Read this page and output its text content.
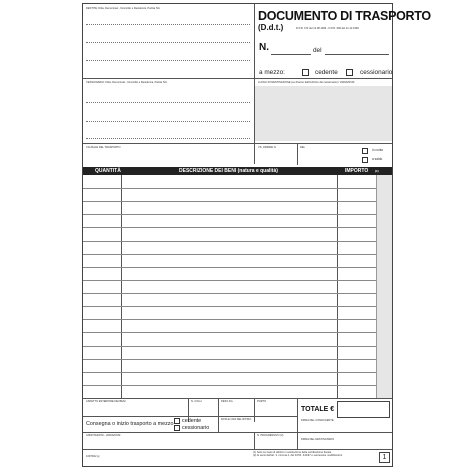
DESTITE: Ditta, Denominaz., Domicilio e Residenza, Partita IVA
DOCUMENTO DI TRASPORTO
(D.d.t.)	D.P.R. 472 del 14.08.1996 - D.P.R. 696 del 21.12.1996
N.	del
a mezzo:	cedente	cessionario
CESSIONARIO: Ditta, Denominaz., Domicilio e Residenza, Partita IVA	LUOGO DI DESTINAZIONE (se diverso dall'indirizzo del cessionario) / VARIAZIONI
CAUSALE DEL TRASPORTO	VS. ORDINE N.	DEL
in conto
a saldo
QUANTITÀ	DESCRIZIONE DEI BENI (natura e qualità)	IMPORTO (1)
ASPETTO ESTERIORE DEI BENI	N. COLLI	PESO KG.	PORTO
TOTALE €
Consegna o inizio trasporto a mezzo cedente
cessionario
DATA E ORA DEL RITIRO	FIRMA DEL CONDUCENTE
ANNOTAZIONI - VARIAZIONI	N. PROGRESSIVO (2)
FIRMA DEL DESTINATARIO
1607D22 gi
(1) Solo nel caso di utilizzo in sostituzione della certificazione fiscale.
(2) Ai sensi dell'art. 3, comma 2, del D.P.R. 441/97 e successive modificazioni.	1
